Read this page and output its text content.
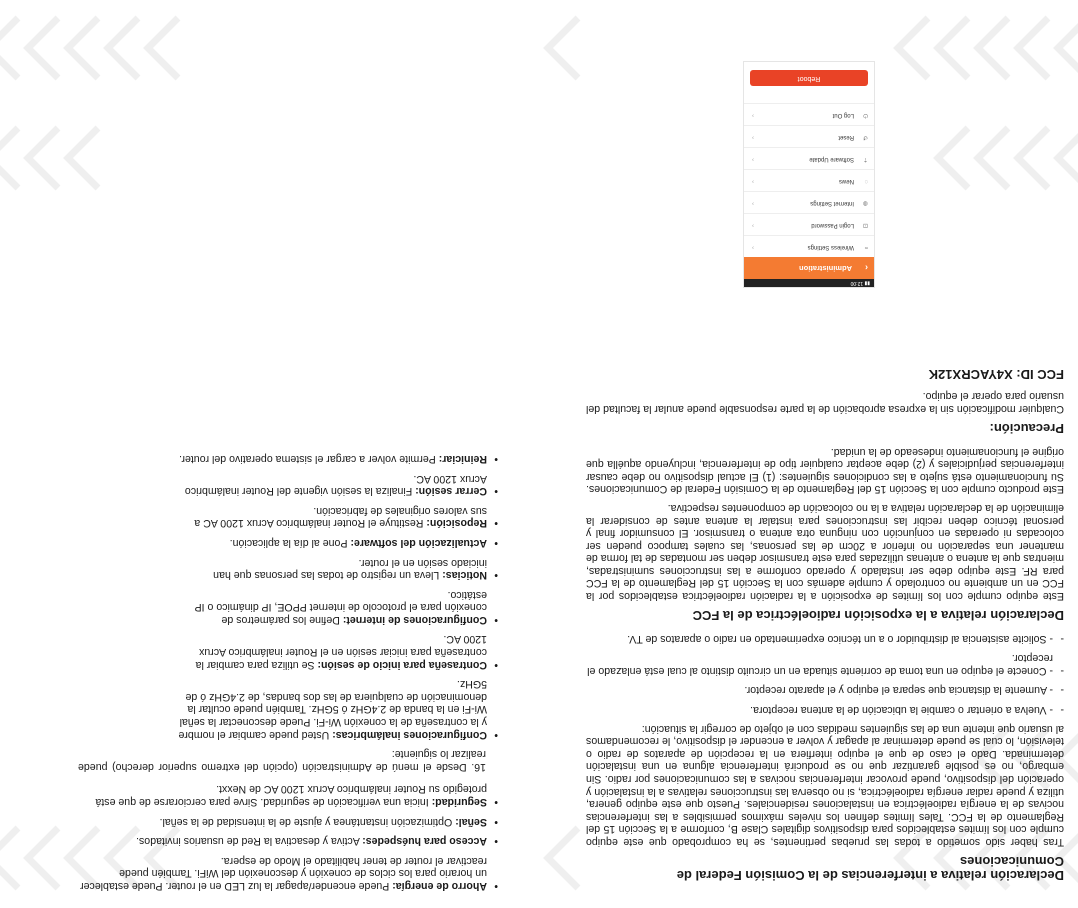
Declaración relativa a interferencias de la Comisión Federal de Comunicaciones

Tras haber sido sometido a todas las pruebas pertinentes, se ha comprobado que este equipo cumple con los límites establecidos para dispositivos digitales Clase B, conforme a la Sección 15 del Reglamento de la FCC. Tales límites definen los niveles máximos permisibles a las interferencias nocivas de la energía radioeléctrica en instalaciones residenciales. Puesto que este equipo genera, utiliza y puede radiar energía radioeléctrica, si no observa las instrucciones relativas a la instalación y operación del dispositivo, puede provocar interferencias nocivas a las comunicaciones por radio. Sin embargo, no es posible garantizar que no se producirá interferencia alguna en una instalación determinada. Dado el caso de que el equipo interfiera en la recepción de aparatos de radio o televisión, lo cual se puede determinar al apagar y volver a encender el dispositivo, le recomendamos al usuario que intente una de las siguientes medidas con el objeto de corregir la situación:

- - Vuelva a orientar o cambie la ubicación de la antena receptora.
- - Aumente la distancia que separa el equipo y el aparato receptor.
- - Conecte el equipo en una toma de corriente situada en un circuito distinto al cual está enlazado el receptor.
- - Solicite asistencia al distribuidor o a un técnico experimentado en radio o aparatos de TV.
Declaración relativa a la exposición radioeléctrica de la FCC

Este equipo cumple con los límites de exposición a la radiación radioeléctrica establecidos por la FCC en un ambiente no controlado y cumple además con la Sección 15 del Reglamento de la FCC para RF. Este equipo debe ser instalado y operado conforme a las instrucciones suministradas, mientras que la antena o antenas utilizadas para este transmisor deben ser montadas de tal forma de mantener una separación no inferior a 20cm de las personas, las cuales tampoco pueden ser colocadas ni operadas en conjunción con ninguna otra antena o transmisor. El consumidor final y personal técnico deben recibir las instrucciones para instalar la antena antes de considerar la eliminación de la declaración relativa a la no colocación de componentes respectiva.

Este producto cumple con la Sección 15 del Reglamento de la Comisión Federal de Comunicaciones. Su funcionamiento está sujeto a las condiciones siguientes: (1) El actual dispositivo no debe causar interferencias perjudiciales y (2) debe aceptar cualquier tipo de interferencia, incluyendo aquélla que origine el funcionamiento indeseado de la unidad.

Precaución:

Cualquier modificación sin la expresa aprobación de la parte responsable puede anular la facultad del usuario para operar el equipo.

FCC ID: X4YACRX12K
• Ahorro de energía: Puede encender/apagar la luz LED en el router. Puede establecer un horario para los ciclos de conexión y desconexión del WiFi. También puede reactivar el router de tener habilitado el Modo de espera.
• Acceso para huéspedes: Activa y desactiva la Red de usuarios invitados.
• Señal: Optimización instantánea y ajuste de la intensidad de la señal.
• Seguridad: Inicia una verificación de seguridad. Sirve para cerciorarse de que está protegido su Router inalámbrico Acrux 1200 AC de Nexxt.

16. Desde el menú de Administración (opción del extremo superior derecho) puede realizar lo siguiente:

• Configuraciones inalámbricas: Usted puede cambiar el nombre y la contraseña de la conexión Wi-Fi. Puede desconectar la señal Wi-Fi en la banda de 2.4GHz ó 5GHz. También puede ocultar la denominación de cualquiera de las dos bandas, de 2.4GHz ó de 5GHz.
• Contraseña para inicio de sesión: Se utiliza para cambiar la contraseña para iniciar sesión en el Router inalámbrico Acrux 1200 AC.
• Configuraciones de internet: Define los parámetros de conexión para el protocolo de internet PPOE, IP dinámico o IP estático.
• Noticias: Lleva un registro de todas las personas que han iniciado sesión en el router.
• Actualización del software: Pone al día la aplicación.
• Reposición: Restituye el Router inalámbrico Acrux 1200 AC a sus valores originales de fabricación.
• Cerrar sesión: Finaliza la sesión vigente del Router inalámbrico Acrux 1200 AC.
• Reiniciar: Permite volver a cargar el sistema operativo del router.
▮▮ 12:00
‹
Administration
≈
Wireless Settings
›
⊡
Login Password
›
◍
Internet Settings
›
◌
News
›
⇡
Software Update
›
↺
Reset
›
⏻
Log Out
›
Reboot
